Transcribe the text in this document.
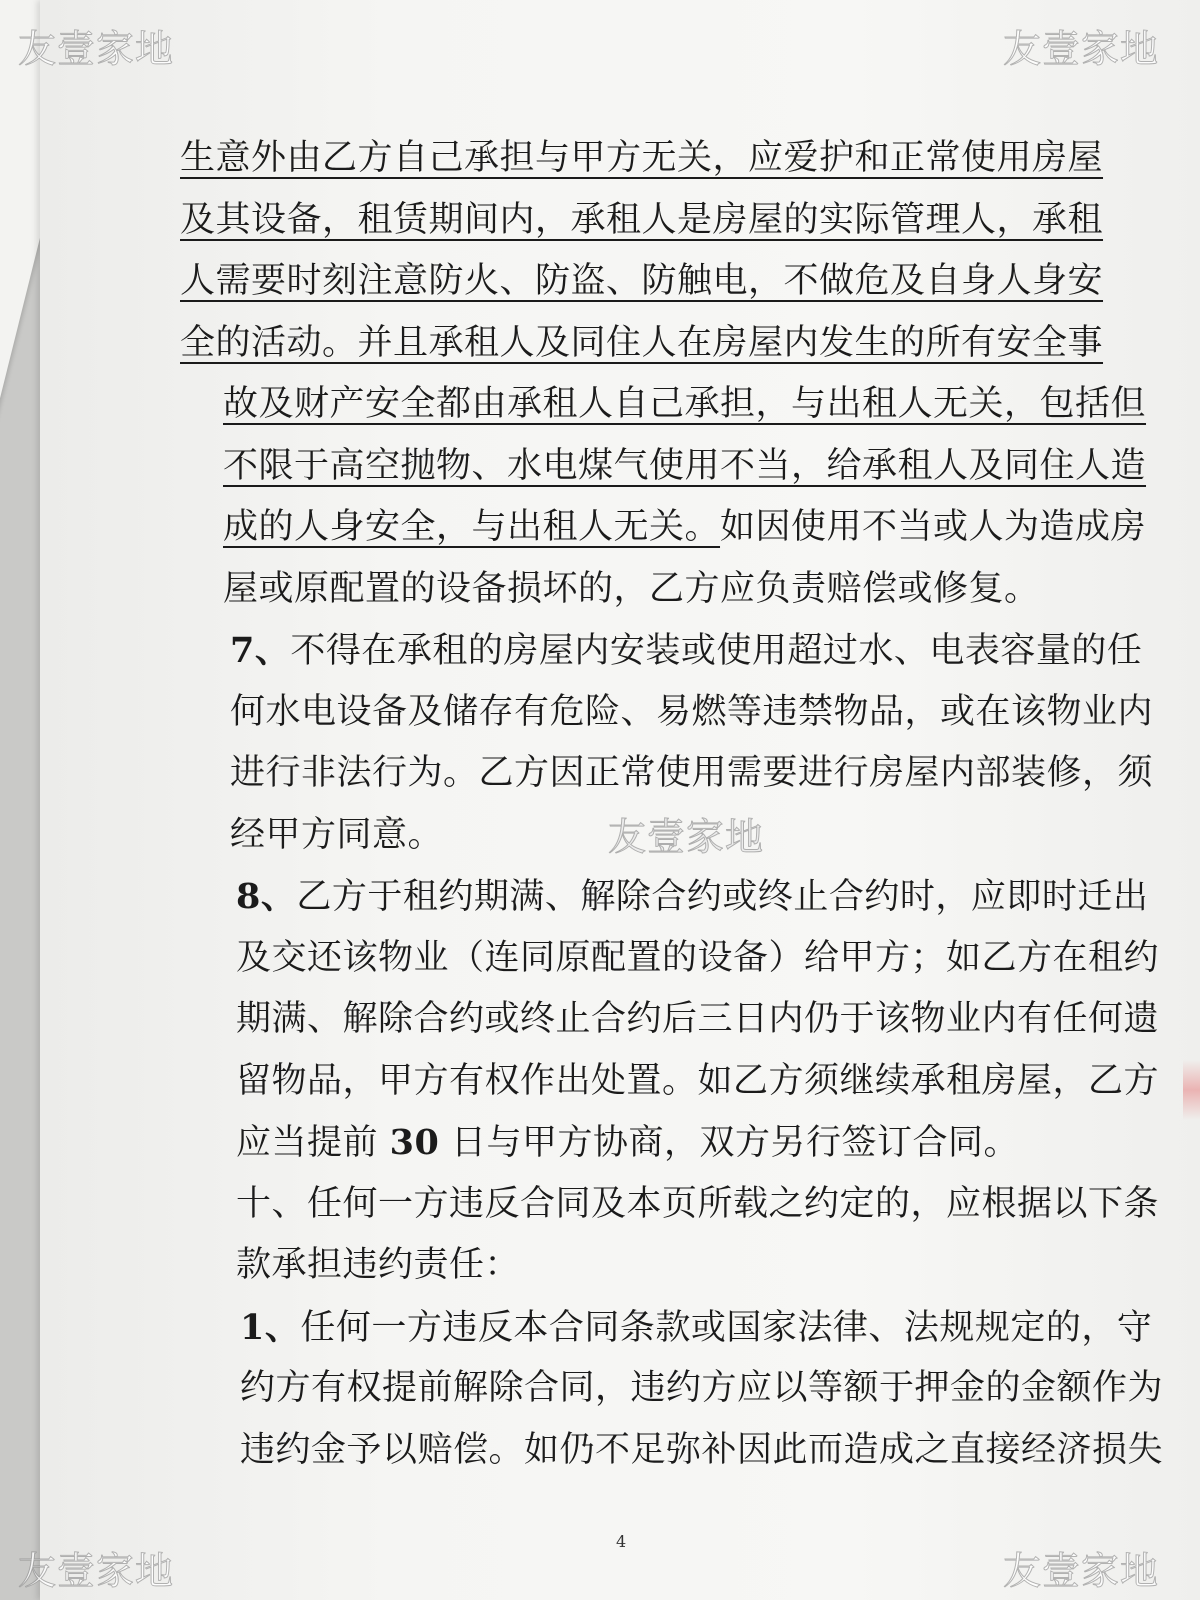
生意外由乙方自己承担与甲方无关，应爱护和正常使用房屋
及其设备，租赁期间内，承租人是房屋的实际管理人，承租
人需要时刻注意防火、防盗、防触电，不做危及自身人身安
全的活动。并且承租人及同住人在房屋内发生的所有安全事
故及财产安全都由承租人自己承担，与出租人无关，包括但
不限于高空抛物、水电煤气使用不当，给承租人及同住人造
成的人身安全，与出租人无关。如因使用不当或人为造成房
屋或原配置的设备损坏的，乙方应负责赔偿或修复。
7、不得在承租的房屋内安装或使用超过水、电表容量的任
何水电设备及储存有危险、易燃等违禁物品，或在该物业内
进行非法行为。乙方因正常使用需要进行房屋内部装修，须
经甲方同意。
8、乙方于租约期满、解除合约或终止合约时，应即时迁出
及交还该物业（连同原配置的设备）给甲方；如乙方在租约
期满、解除合约或终止合约后三日内仍于该物业内有任何遗
留物品，甲方有权作出处置。如乙方须继续承租房屋，乙方
应当提前 30 日与甲方协商，双方另行签订合同。
十、任何一方违反合同及本页所载之约定的，应根据以下条
款承担违约责任：
1、任何一方违反本合同条款或国家法律、法规规定的，守
约方有权提前解除合同，违约方应以等额于押金的金额作为
违约金予以赔偿。如仍不足弥补因此而造成之直接经济损失
4
友壹家地	友壹家地
友壹家地
友壹家地	友壹家地
